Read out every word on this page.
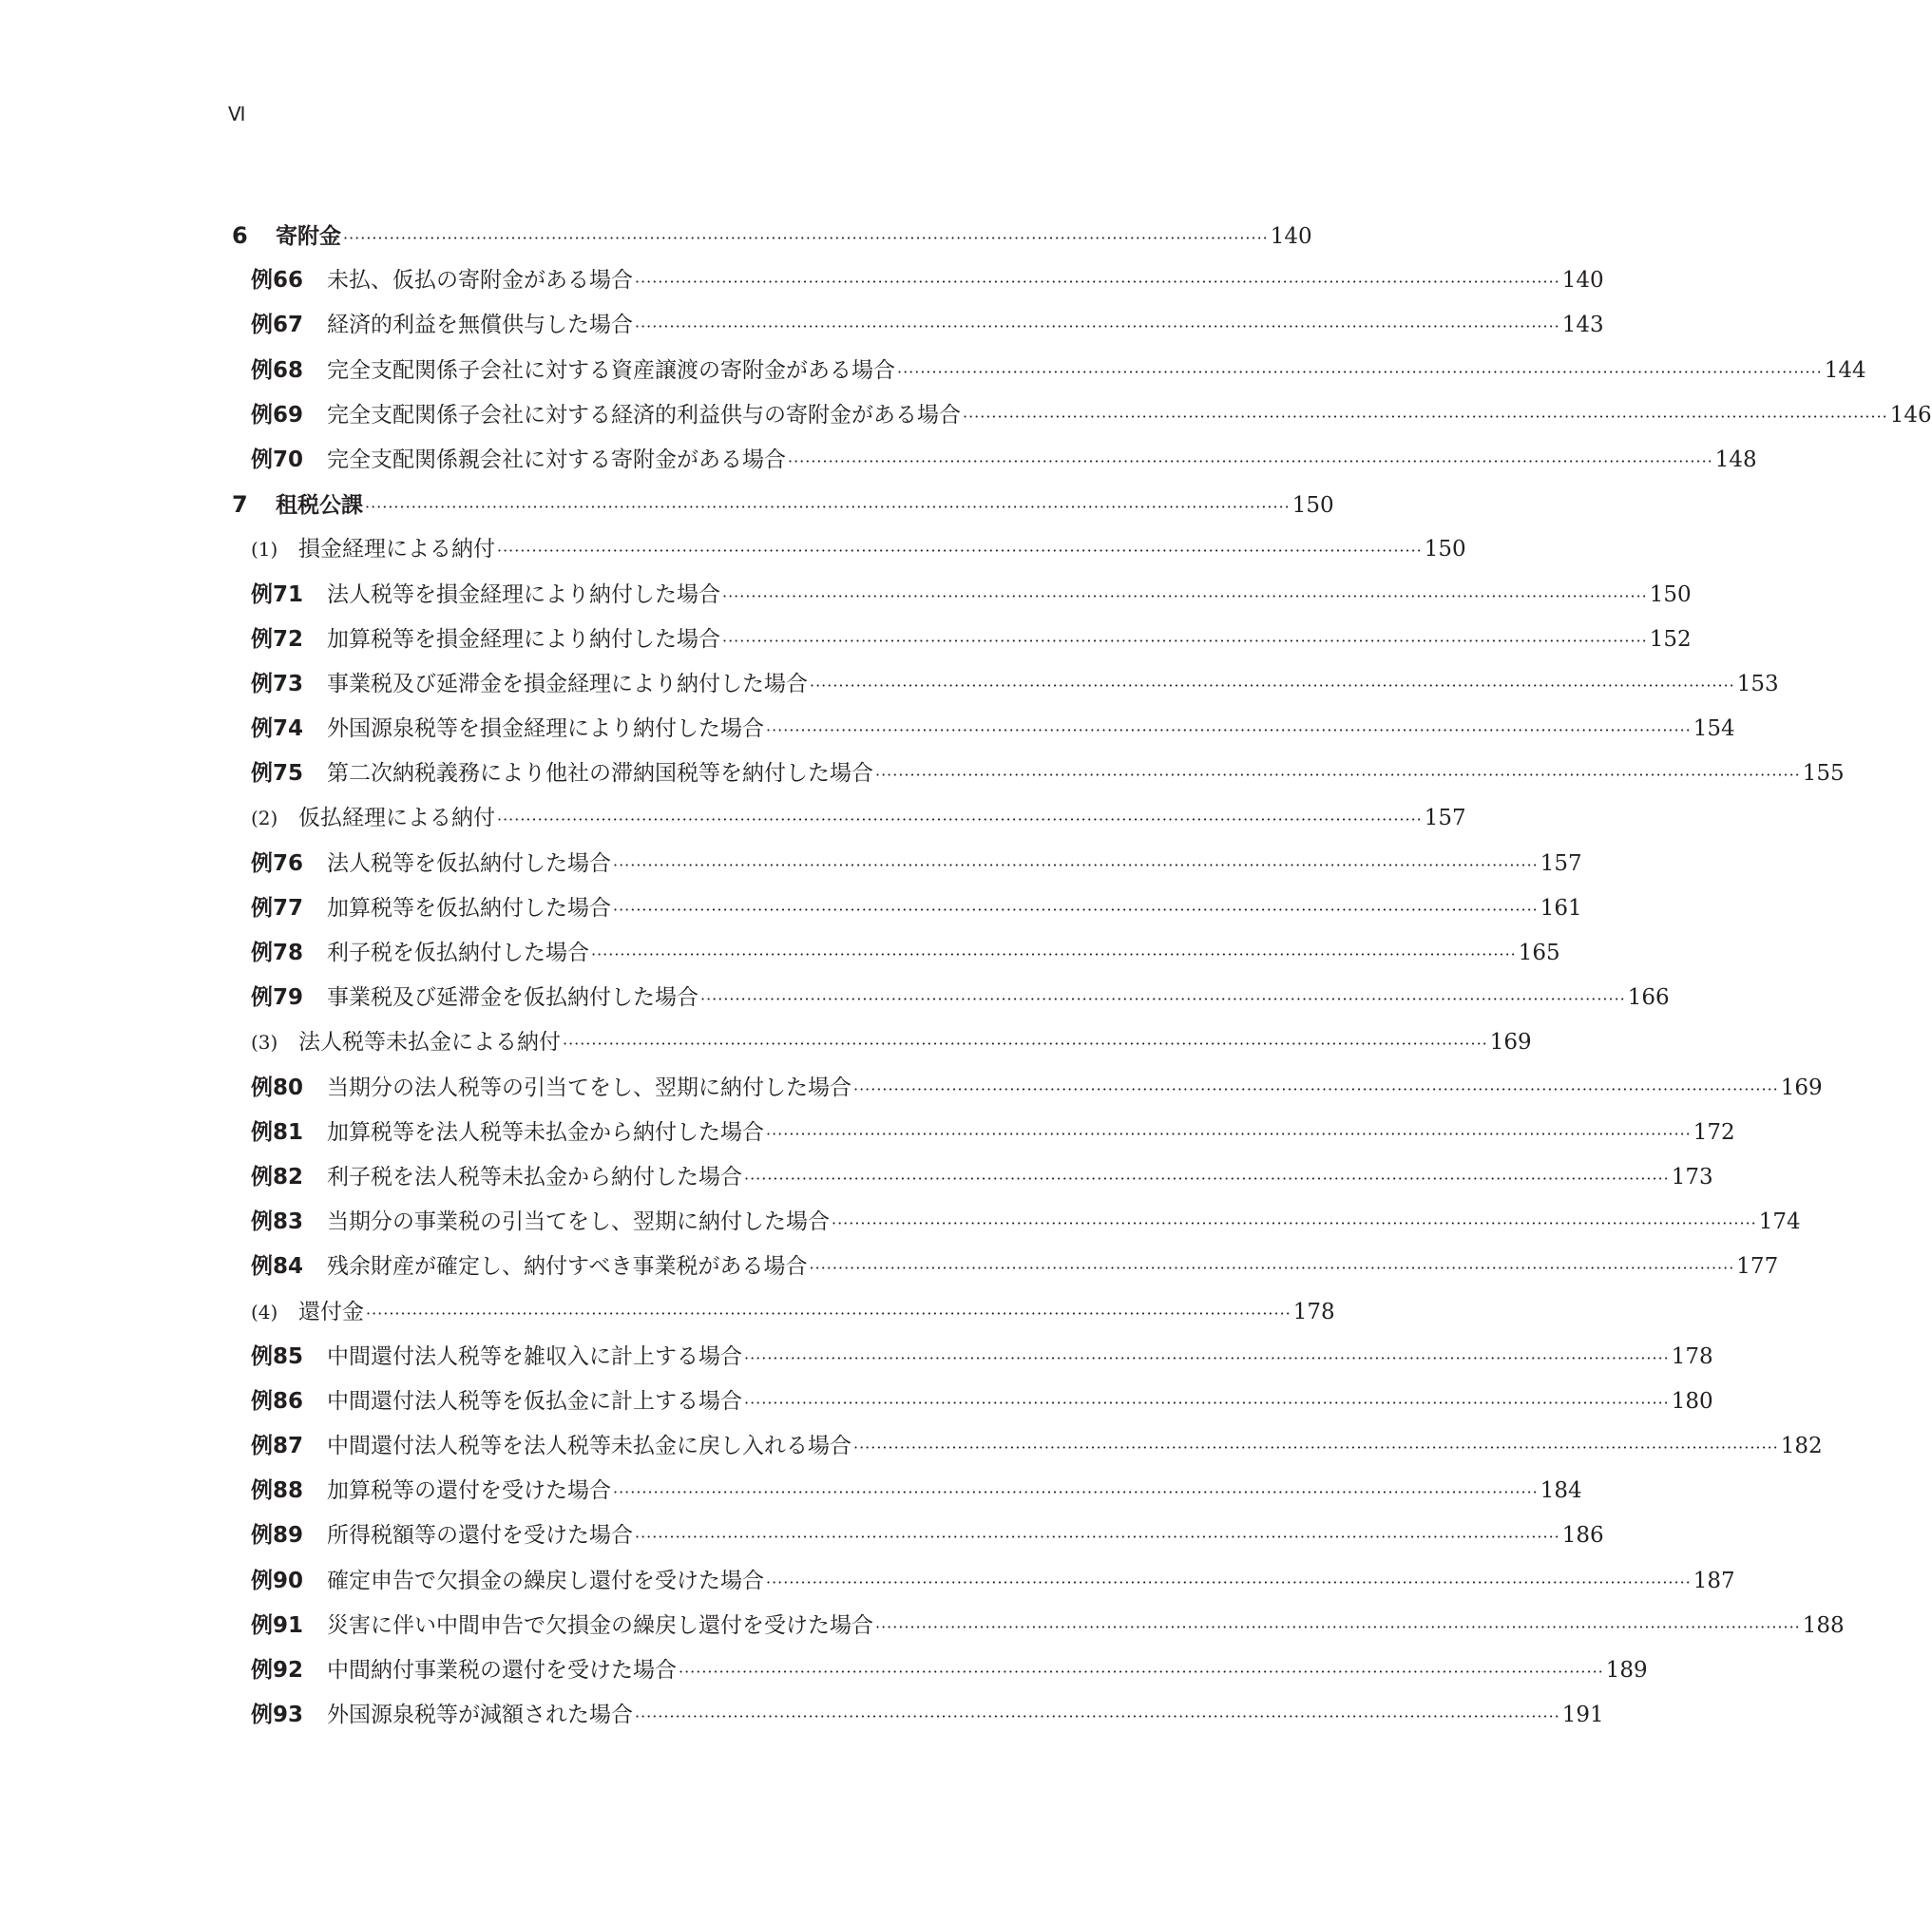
Ⅵ
6	寄附金 ································································································································································ 140
例66	未払、仮払の寄附金がある場合 ································································································································································ 140
例67	経済的利益を無償供与した場合 ································································································································································ 143
例68	完全支配関係子会社に対する資産譲渡の寄附金がある場合 ································································································································································ 144
例69	完全支配関係子会社に対する経済的利益供与の寄附金がある場合 ································································································································································ 146
例70	完全支配関係親会社に対する寄附金がある場合 ································································································································································ 148
7	租税公課 ································································································································································ 150
(1) 損金経理による納付 ································································································································································ 150
例71	法人税等を損金経理により納付した場合 ································································································································································ 150
例72	加算税等を損金経理により納付した場合 ································································································································································ 152
例73	事業税及び延滞金を損金経理により納付した場合 ································································································································································ 153
例74	外国源泉税等を損金経理により納付した場合 ································································································································································ 154
例75	第二次納税義務により他社の滞納国税等を納付した場合 ································································································································································ 155
(2) 仮払経理による納付 ································································································································································ 157
例76	法人税等を仮払納付した場合 ································································································································································ 157
例77	加算税等を仮払納付した場合 ································································································································································ 161
例78	利子税を仮払納付した場合 ································································································································································ 165
例79	事業税及び延滞金を仮払納付した場合 ································································································································································ 166
(3) 法人税等未払金による納付 ································································································································································ 169
例80	当期分の法人税等の引当てをし、翌期に納付した場合 ································································································································································ 169
例81	加算税等を法人税等未払金から納付した場合 ································································································································································ 172
例82	利子税を法人税等未払金から納付した場合 ································································································································································ 173
例83	当期分の事業税の引当てをし、翌期に納付した場合 ································································································································································ 174
例84	残余財産が確定し、納付すべき事業税がある場合 ································································································································································ 177
(4) 還付金 ································································································································································ 178
例85	中間還付法人税等を雑収入に計上する場合 ································································································································································ 178
例86	中間還付法人税等を仮払金に計上する場合 ································································································································································ 180
例87	中間還付法人税等を法人税等未払金に戻し入れる場合 ································································································································································ 182
例88	加算税等の還付を受けた場合 ································································································································································ 184
例89	所得税額等の還付を受けた場合 ································································································································································ 186
例90	確定申告で欠損金の繰戻し還付を受けた場合 ································································································································································ 187
例91	災害に伴い中間申告で欠損金の繰戻し還付を受けた場合 ································································································································································ 188
例92	中間納付事業税の還付を受けた場合 ································································································································································ 189
例93	外国源泉税等が減額された場合 ································································································································································ 191
